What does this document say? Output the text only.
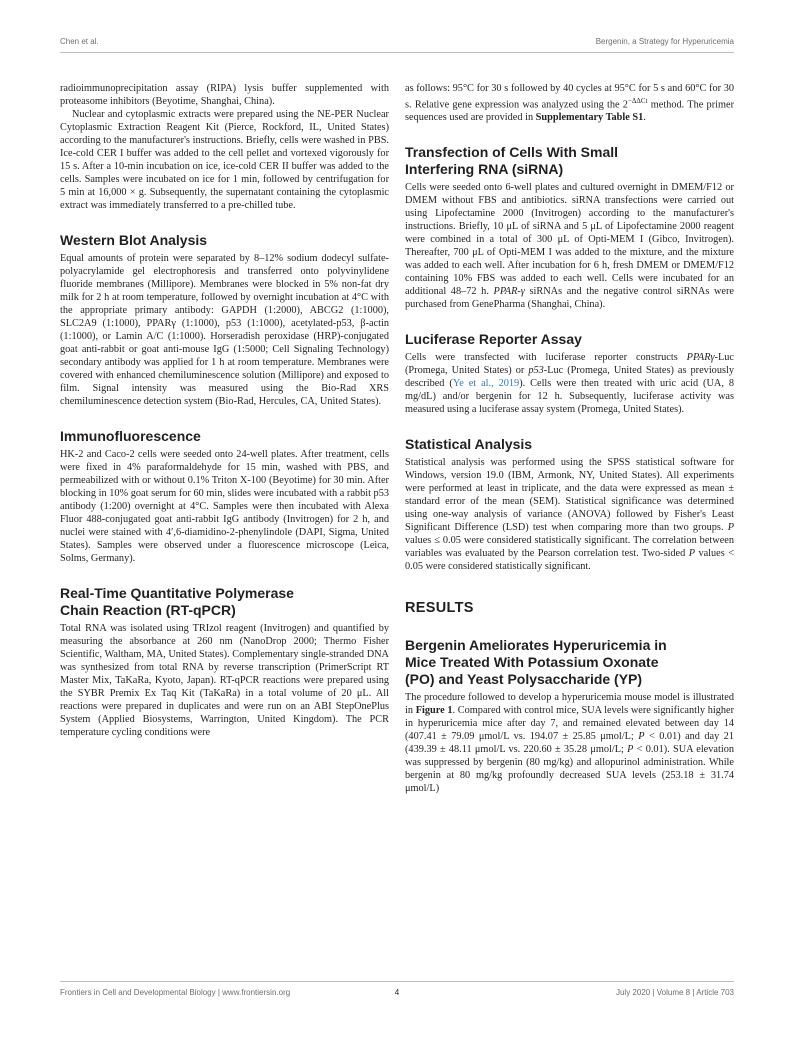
Chen et al.	Bergenin, a Strategy for Hyperuricemia

radioimmunoprecipitation assay (RIPA) lysis buffer supplemented with proteasome inhibitors (Beyotime, Shanghai, China).

Nuclear and cytoplasmic extracts were prepared using the NE-PER Nuclear Cytoplasmic Extraction Reagent Kit (Pierce, Rockford, IL, United States) according to the manufacturer's instructions. Briefly, cells were washed in PBS. Ice-cold CER I buffer was added to the cell pellet and vortexed vigorously for 15 s. After a 10-min incubation on ice, ice-cold CER II buffer was added to the cells. Samples were incubated on ice for 1 min, followed by centrifugation for 5 min at 16,000 × g. Subsequently, the supernatant containing the cytoplasmic extract was immediately transferred to a pre-chilled tube.

Western Blot Analysis

Equal amounts of protein were separated by 8–12% sodium dodecyl sulfate-polyacrylamide gel electrophoresis and transferred onto polyvinylidene fluoride membranes (Millipore). Membranes were blocked in 5% non-fat dry milk for 2 h at room temperature, followed by overnight incubation at 4°C with the appropriate primary antibody: GAPDH (1:2000), ABCG2 (1:1000), SLC2A9 (1:1000), PPARγ (1:1000), p53 (1:1000), acetylated-p53, β-actin (1:1000), or Lamin A/C (1:1000). Horseradish peroxidase (HRP)-conjugated goat anti-rabbit or goat anti-mouse IgG (1:5000; Cell Signaling Technology) secondary antibody was applied for 1 h at room temperature. Membranes were covered with enhanced chemiluminescence solution (Millipore) and exposed to film. Signal intensity was measured using the Bio-Rad XRS chemiluminescence detection system (Bio-Rad, Hercules, CA, United States).

Immunofluorescence

HK-2 and Caco-2 cells were seeded onto 24-well plates. After treatment, cells were fixed in 4% paraformaldehyde for 15 min, washed with PBS, and permeabilized with or without 0.1% Triton X-100 (Beyotime) for 30 min. After blocking in 10% goat serum for 60 min, slides were incubated with a rabbit p53 antibody (1:200) overnight at 4°C. Samples were then incubated with Alexa Fluor 488-conjugated goat anti-rabbit IgG antibody (Invitrogen) for 2 h, and nuclei were stained with 4′,6-diamidino-2-phenylindole (DAPI, Sigma, United States). Samples were observed under a fluorescence microscope (Leica, Solms, Germany).

Real-Time Quantitative Polymerase
Chain Reaction (RT-qPCR)

Total RNA was isolated using TRIzol reagent (Invitrogen) and quantified by measuring the absorbance at 260 nm (NanoDrop 2000; Thermo Fisher Scientific, Waltham, MA, United States). Complementary single-stranded DNA was synthesized from total RNA by reverse transcription (PrimerScript RT Master Mix, TaKaRa, Kyoto, Japan). RT-qPCR reactions were prepared using the SYBR Premix Ex Taq Kit (TaKaRa) in a total volume of 20 μL. All reactions were prepared in duplicates and were run on an ABI StepOnePlus System (Applied Biosystems, Warrington, United Kingdom). The PCR temperature cycling conditions were

as follows: 95°C for 30 s followed by 40 cycles at 95°C for 5 s and 60°C for 30 s. Relative gene expression was analyzed using the $2^{-\Delta\Delta Ct}$ method. The primer sequences used are provided in Supplementary Table S1.

Transfection of Cells With Small
Interfering RNA (siRNA)

Cells were seeded onto 6-well plates and cultured overnight in DMEM/F12 or DMEM without FBS and antibiotics. siRNA transfections were carried out using Lipofectamine 2000 (Invitrogen) according to the manufacturer's instructions. Briefly, 10 μL of siRNA and 5 μL of Lipofectamine 2000 reagent were combined in a total of 300 μL of Opti-MEM I (Gibco, Invitrogen). Thereafter, 700 μL of Opti-MEM I was added to the mixture, and the mixture was added to each well. After incubation for 6 h, fresh DMEM or DMEM/F12 containing 10% FBS was added to each well. Cells were incubated for an additional 48–72 h. PPAR-γ siRNAs and the negative control siRNAs were purchased from GenePharma (Shanghai, China).

Luciferase Reporter Assay

Cells were transfected with luciferase reporter constructs PPARγ-Luc (Promega, United States) or p53-Luc (Promega, United States) as previously described (Ye et al., 2019). Cells were then treated with uric acid (UA, 8 mg/dL) and/or bergenin for 12 h. Subsequently, luciferase activity was measured using a luciferase assay system (Promega, United States).

Statistical Analysis

Statistical analysis was performed using the SPSS statistical software for Windows, version 19.0 (IBM, Armonk, NY, United States). All experiments were performed at least in triplicate, and the data were expressed as mean ± standard error of the mean (SEM). Statistical significance was determined using one-way analysis of variance (ANOVA) followed by Fisher's Least Significant Difference (LSD) test when comparing more than two groups. P values ≤ 0.05 were considered statistically significant. The correlation between variables was evaluated by the Pearson correlation test. Two-sided P values < 0.05 were considered statistically significant.

RESULTS
Bergenin Ameliorates Hyperuricemia in
Mice Treated With Potassium Oxonate
(PO) and Yeast Polysaccharide (YP)

The procedure followed to develop a hyperuricemia mouse model is illustrated in Figure 1. Compared with control mice, SUA levels were significantly higher in hyperuricemia mice after day 7, and remained elevated between day 14 (407.41 ± 79.09 μmol/L vs. 194.07 ± 25.85 μmol/L; P < 0.01) and day 21 (439.39 ± 48.11 μmol/L vs. 220.60 ± 35.28 μmol/L; P < 0.01). SUA elevation was suppressed by bergenin (80 mg/kg) and allopurinol administration. While bergenin at 80 mg/kg profoundly decreased SUA levels (253.18 ± 31.74 μmol/L)

Frontiers in Cell and Developmental Biology | www.frontiersin.org	4	July 2020 | Volume 8 | Article 703
